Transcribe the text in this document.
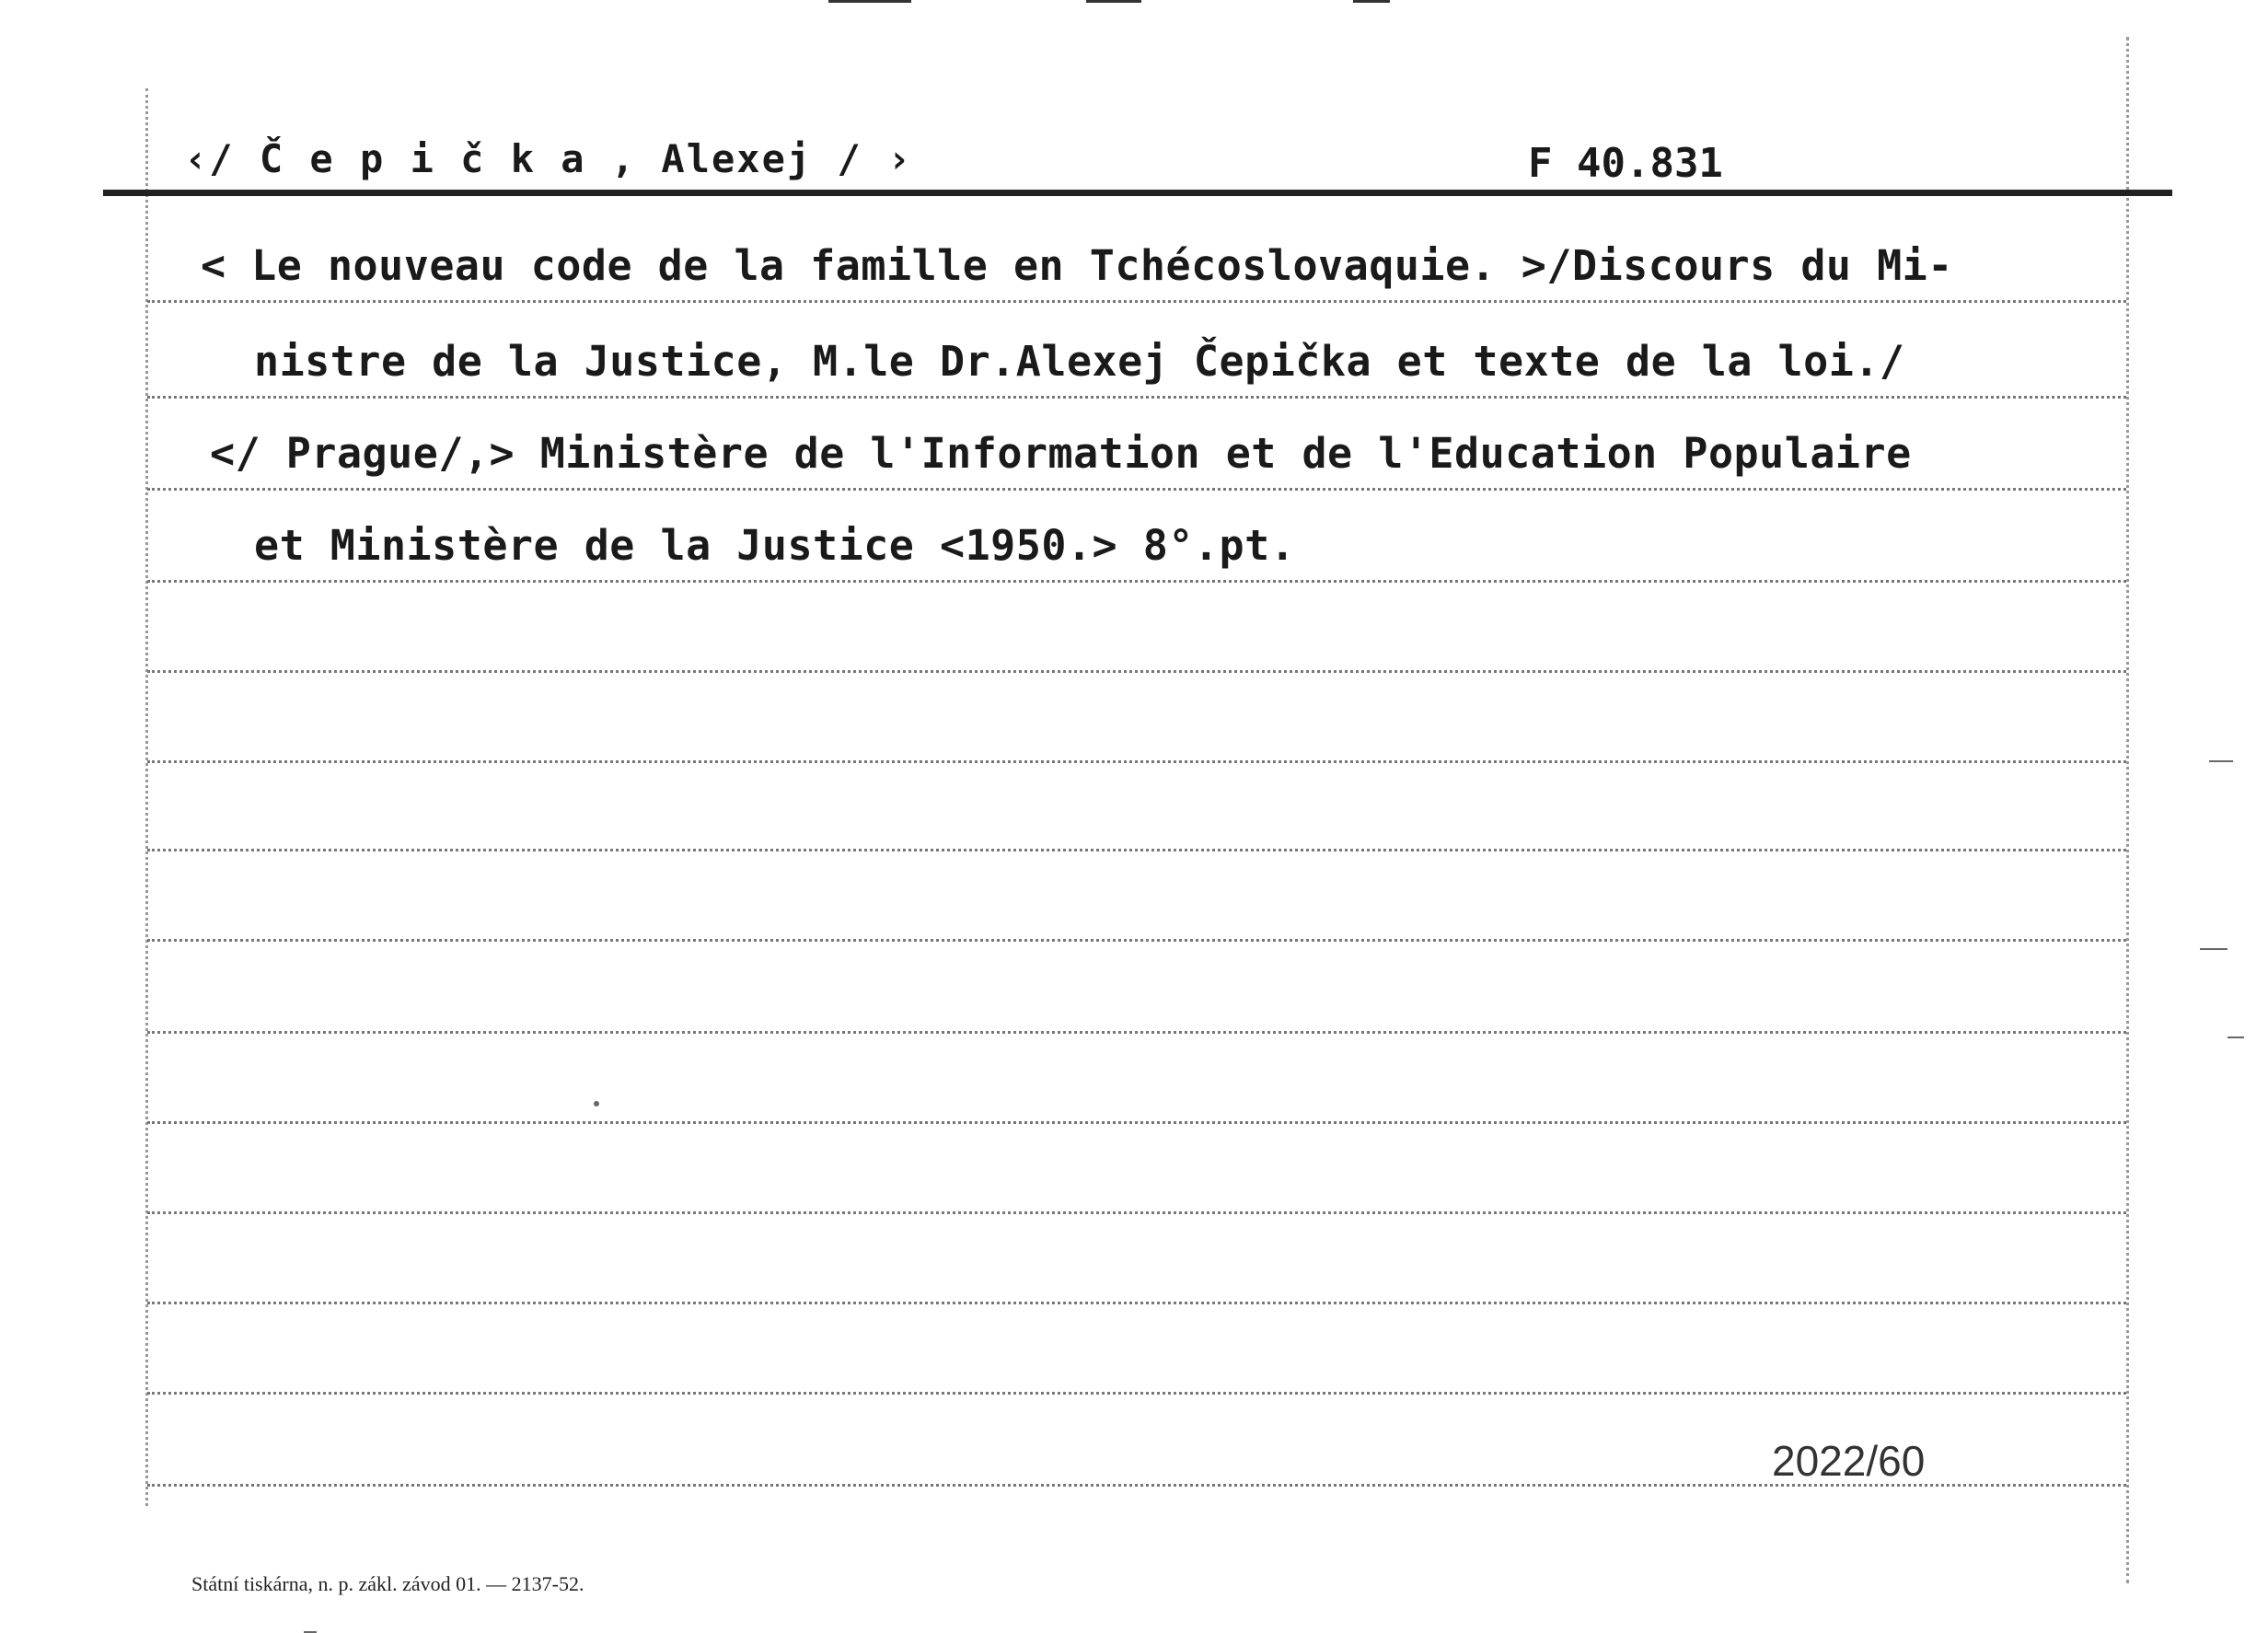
‹/ Č e p i č k a , Alexej / ›	F 40.831
< Le nouveau code de la famille en Tchécoslovaquie. >/Discours du Mi-
nistre de la Justice, M.le Dr.Alexej Čepička et texte de la loi./
</ Prague/,> Ministère de l'Information et de l'Education Populaire
et Ministère de la Justice <1950.> 8°.pt.
2022/60
Státní tiskárna, n. p. zákl. závod 01. — 2137-52.
